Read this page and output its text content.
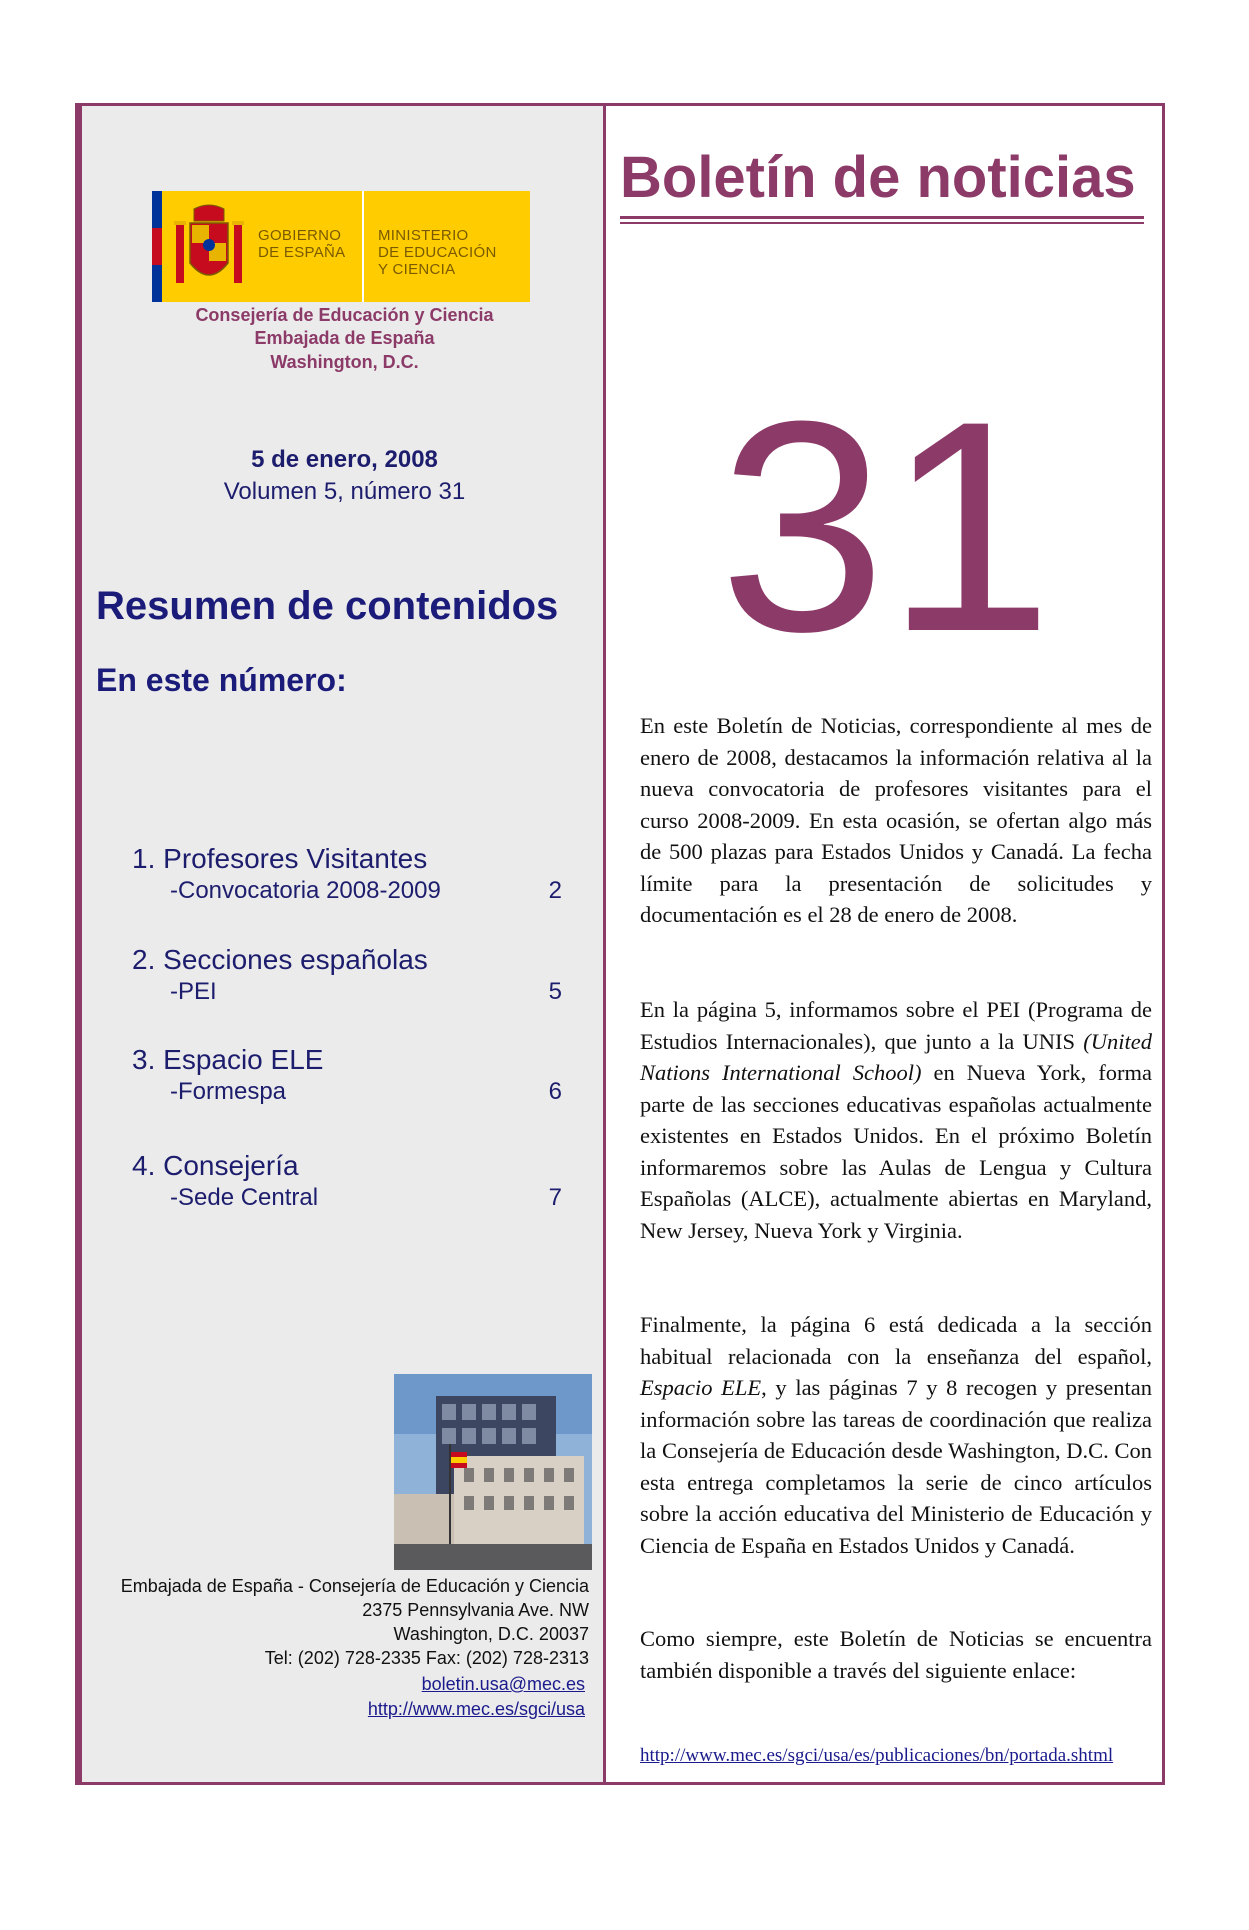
GOBIERNO
DE ESPAÑA
MINISTERIO
DE EDUCACIÓN
Y CIENCIA
Consejería de Educación y Ciencia
Embajada de España
Washington, D.C.
5 de enero, 2008
Volumen 5, número 31
Resumen de contenidos
En este número:
1. Profesores Visitantes
-Convocatoria 2008-2009	2
2. Secciones españolas
-PEI	5
3. Espacio ELE
-Formespa	6
4. Consejería
-Sede Central	7
Embajada de España - Consejería de Educación y Ciencia
2375 Pennsylvania Ave. NW
Washington, D.C. 20037
Tel: (202) 728-2335 Fax: (202) 728-2313
boletin.usa@mec.es
http://www.mec.es/sgci/usa
Boletín de noticias
31

En este Boletín de Noticias, correspondiente al mes de enero de 2008, destacamos la información relativa al la nueva convocatoria de profesores visitantes para el curso 2008-2009. En esta ocasión, se ofertan algo más de 500 plazas para Estados Unidos y Canadá. La fecha límite para la presentación de solicitudes y documentación es el 28 de enero de 2008.

En la página 5, informamos sobre el PEI (Programa de Estudios Internacionales), que junto a la UNIS (United Nations International School) en Nueva York, forma parte de las secciones educativas españolas actualmente existentes en Estados Unidos. En el próximo Boletín informaremos sobre las Aulas de Lengua y Cultura Españolas (ALCE), actualmente abiertas en Maryland, New Jersey, Nueva York y Virginia.

Finalmente, la página 6 está dedicada a la sección habitual relacionada con la enseñanza del español, Espacio ELE, y las páginas 7 y 8 recogen y presentan información sobre las tareas de coordinación que realiza la Consejería de Educación desde Washington, D.C. Con esta entrega completamos la serie de cinco artículos sobre la acción educativa del Ministerio de Educación y Ciencia de España en Estados Unidos y Canadá.

Como siempre, este Boletín de Noticias se encuentra también disponible a través del siguiente enlace:

http://www.mec.es/sgci/usa/es/publicaciones/bn/portada.shtml
